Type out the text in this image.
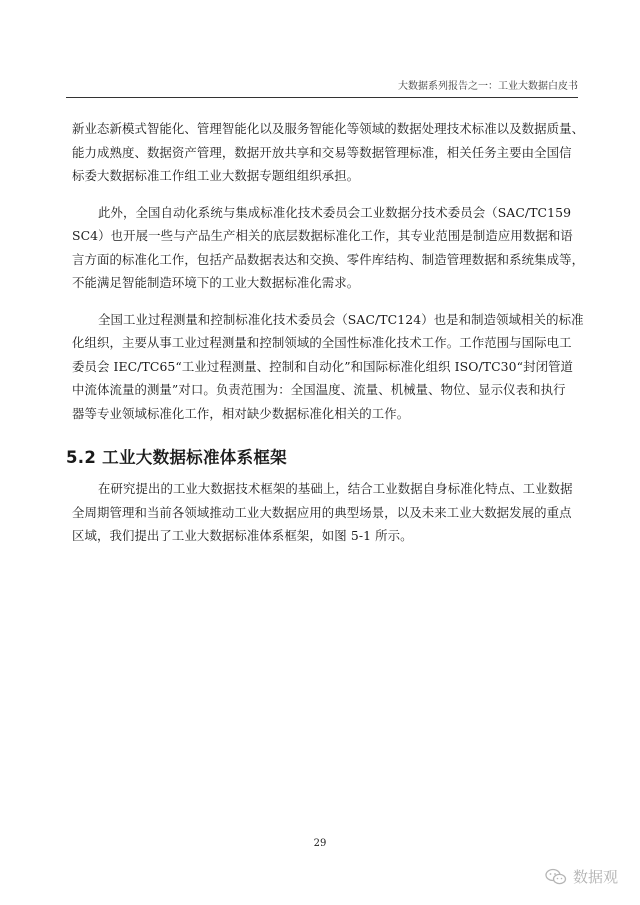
大数据系列报告之一：工业大数据白皮书

新业态新模式智能化、管理智能化以及服务智能化等领域的数据处理技术标准以及数据质量、
能力成熟度、数据资产管理，数据开放共享和交易等数据管理标准，相关任务主要由全国信
标委大数据标准工作组工业大数据专题组组织承担。

此外，全国自动化系统与集成标准化技术委员会工业数据分技术委员会（SAC/TC159
SC4）也开展一些与产品生产相关的底层数据标准化工作，其专业范围是制造应用数据和语
言方面的标准化工作，包括产品数据表达和交换、零件库结构、制造管理数据和系统集成等，
不能满足智能制造环境下的工业大数据标准化需求。

全国工业过程测量和控制标准化技术委员会（SAC/TC124）也是和制造领域相关的标准
化组织，主要从事工业过程测量和控制领域的全国性标准化技术工作。工作范围与国际电工
委员会 IEC/TC65“工业过程测量、控制和自动化”和国际标准化组织 ISO/TC30“封闭管道
中流体流量的测量”对口。负责范围为：全国温度、流量、机械量、物位、显示仪表和执行
器等专业领域标准化工作，相对缺少数据标准化相关的工作。

5.2 工业大数据标准体系框架

在研究提出的工业大数据技术框架的基础上，结合工业数据自身标准化特点、工业数据
全周期管理和当前各领域推动工业大数据应用的典型场景，以及未来工业大数据发展的重点
区域，我们提出了工业大数据标准体系框架，如图 5-1 所示。

29
数据观
